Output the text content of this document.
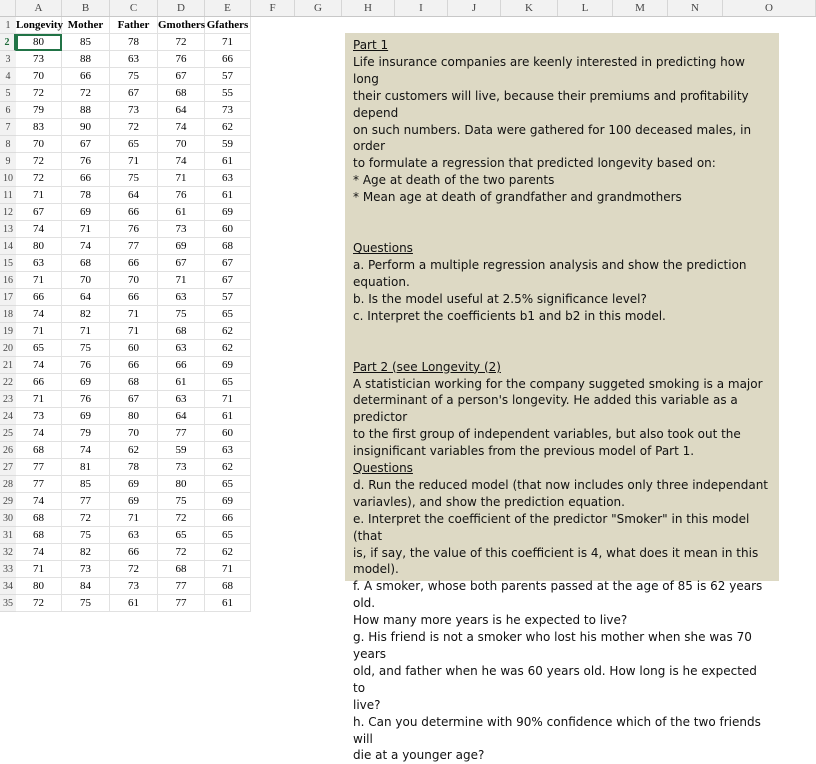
A	B	C	D	E	F	G	H	I	J	K	L	M	N	O
1
2
3
4
5
6
7
8
9
10
11
12
13
14
15
16
17
18
19
20
21
22
23
24
25
26
27
28
29
30
31
32
33
34
35
Longevity Mother	Father Gmothers Gfathers
80	85	78	72	71
73	88	63	76	66
70	66	75	67	57
72	72	67	68	55
79	88	73	64	73
83	90	72	74	62
70	67	65	70	59
72	76	71	74	61
72	66	75	71	63
71	78	64	76	61
67	69	66	61	69
74	71	76	73	60
80	74	77	69	68
63	68	66	67	67
71	70	70	71	67
66	64	66	63	57
74	82	71	75	65
71	71	71	68	62
65	75	60	63	62
74	76	66	66	69
66	69	68	61	65
71	76	67	63	71
73	69	80	64	61
74	79	70	77	60
68	74	62	59	63
77	81	78	73	62
77	85	69	80	65
74	77	69	75	69
68	72	71	72	66
68	75	63	65	65
74	82	66	72	62
71	73	72	68	71
80	84	73	77	68
72	75	61	77	61

Part 1

Life insurance companies are keenly interested in predicting how long

their customers will live, because their premiums and profitability depend

on such numbers. Data were gathered for 100 deceased males, in order

to formulate a regression that predicted longevity based on:

* Age at death of the two parents

* Mean age at death of grandfather and grandmothers

Questions

a. Perform a multiple regression analysis and show the prediction

equation.

b. Is the model useful at 2.5% significance level?

c. Interpret the coefficients b1 and b2 in this model.

Part 2 (see Longevity (2)

A statistician working for the company suggeted smoking is a major

determinant of a person's longevity. He added this variable as a predictor

to the first group of independent variables, but also took out the

insignificant variables from the previous model of Part 1.

Questions

d. Run the reduced model (that now includes only three independant

variavles), and show the prediction equation.

e. Interpret the coefficient of the predictor "Smoker" in this model (that

is, if say, the value of this coefficient is 4, what does it mean in this

model).

f. A smoker, whose both parents passed at the age of 85 is 62 years old.

How many more years is he expected to live?

g. His friend is not a smoker who lost his mother when she was 70 years

old, and father when he was 60 years old. How long is he expected to

live?

h. Can you determine with 90% confidence which of the two friends will

die at a younger age?
